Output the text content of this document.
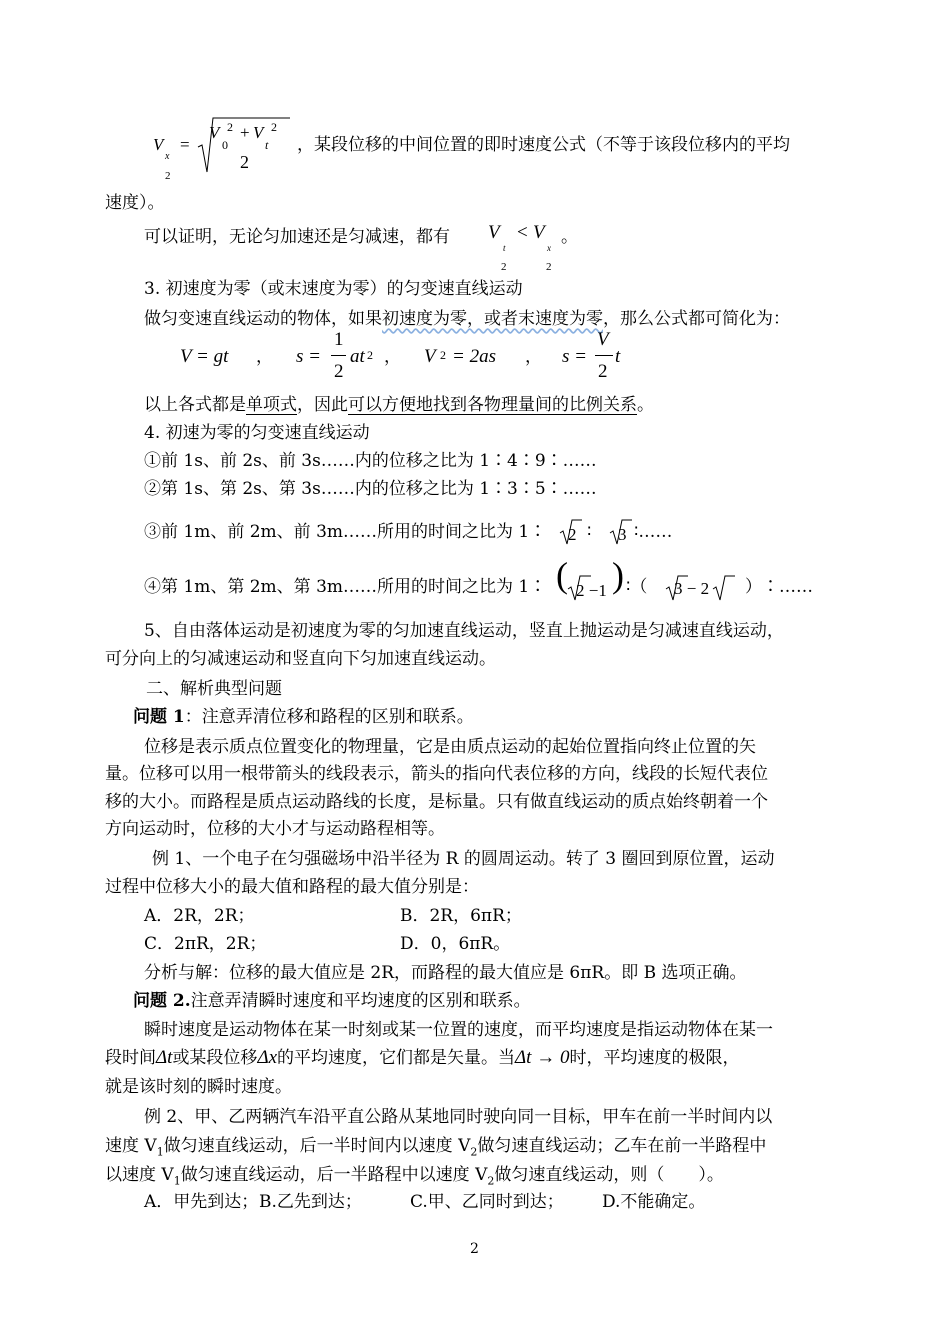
V
x
2
=
V 2
0
+ V 2
t
2
，某段位移的中间位置的即时速度公式（不等于该段位移内的平均
速度）。
可以证明，无论匀加速还是匀减速，都有 V
t
2
< V
x
2
。
3. 初速度为零（或末速度为零）的匀变速直线运动
做匀变速直线运动的物体，如果初速度为零，或者末速度为零，那么公式都可简化为：
V = gt ， s =
1
2
at 2 ， V 2 = 2as ， s =
V
2
t
以上各式都是单项式，因此可以方便地找到各物理量间的比例关系。
4. 初速为零的匀变速直线运动
①前 1s、前 2s、前 3s……内的位移之比为 1∶4∶9∶……
②第 1s、第 2s、第 3s……内的位移之比为 1∶3∶5∶……
③前 1m、前 2m、前 3m……所用的时间之比为 1∶ 2 ∶ 3 ∶……
④第 1m、第 2m、第 3m……所用的时间之比为 1∶ ( 2 −1 ) ∶（ 3 − 2 ）∶……
5、自由落体运动是初速度为零的匀加速直线运动，竖直上抛运动是匀减速直线运动，
可分向上的匀减速运动和竖直向下匀加速直线运动。
二、解析典型问题
问题 1：注意弄清位移和路程的区别和联系。
位移是表示质点位置变化的物理量，它是由质点运动的起始位置指向终止位置的矢
量。位移可以用一根带箭头的线段表示，箭头的指向代表位移的方向，线段的长短代表位
移的大小。而路程是质点运动路线的长度，是标量。只有做直线运动的质点始终朝着一个
方向运动时，位移的大小才与运动路程相等。
例 1、一个电子在匀强磁场中沿半径为 R 的圆周运动。转了 3 圈回到原位置，运动
过程中位移大小的最大值和路程的最大值分别是：
A．2R，2R；	B．2R，6πR；
C．2πR，2R；	D．0，6πR。
分析与解：位移的最大值应是 2R，而路程的最大值应是 6πR。即 B 选项正确。
问题 2.注意弄清瞬时速度和平均速度的区别和联系。
瞬时速度是运动物体在某一时刻或某一位置的速度，而平均速度是指运动物体在某一
段时间Δt或某段位移Δx的平均速度，它们都是矢量。当Δt → 0时，平均速度的极限，
就是该时刻的瞬时速度。
例 2、甲、乙两辆汽车沿平直公路从某地同时驶向同一目标，甲车在前一半时间内以
速度 $V_1$做匀速直线运动，后一半时间内以速度 $V_2$做匀速直线运动；乙车在前一半路程中
以速度 $V_1$做匀速直线运动，后一半路程中以速度 $V_2$做匀速直线运动，则（　　）。
A．甲先到达； B.乙先到达；	C.甲、乙同时到达； D.不能确定。
2
